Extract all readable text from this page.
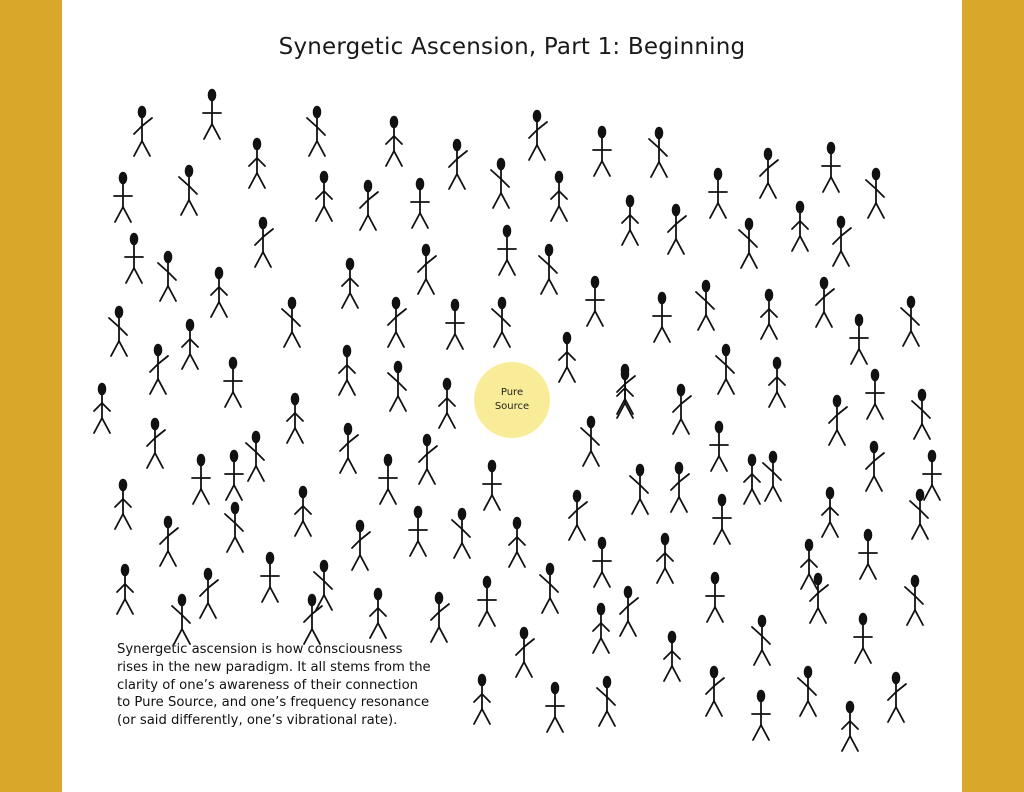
Synergetic Ascension, Part 1: Beginning
Pure
Source
Synergetic ascension is how consciousness
rises in the new paradigm. It all stems from the
clarity of one’s awareness of their connection
to Pure Source, and one’s frequency resonance
(or said differently, one’s vibrational rate).
